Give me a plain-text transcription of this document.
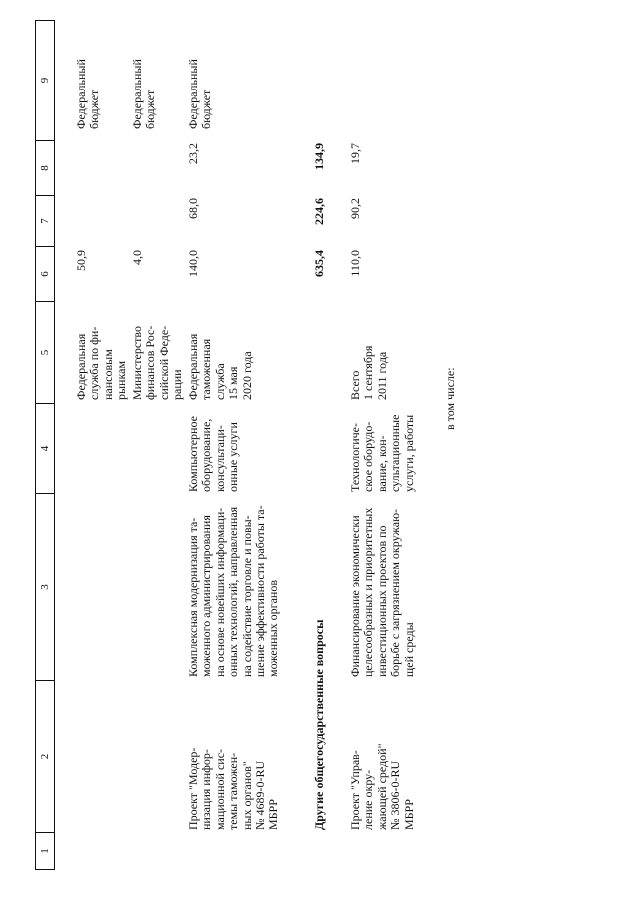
1
2
3
4
5
6
7
8
9
Федеральная служба по фи- нансовым рынкам
50,9
Федеральный бюджет
Министерство финансов Рос- сийской Феде- рации
4,0
Федеральный бюджет
Проект "Модер- низация инфор- мационной сис- темы таможен- ных органов" № 4689-0-RU МБРР
Комплексная модернизация та- моженного администрирования на основе новейших информаци- онных технологий, направленная на содействие торговле и повы- шение эффективности работы та- моженных органов
Компьютерное оборудование, консультаци- онные услуги
Федеральная таможенная служба 15 мая 2020 года
140,0
68,0
23,2
Федеральный бюджет
Другие общегосударственные вопросы
635,4
224,6
134,9
Проект "Управ- ление окру- жающей средой" № 3806-0-RU МБРР
Финансирование экономически целесообразных и приоритетных инвестиционных проектов по борьбе с загрязнением окружаю- щей среды
Технологиче- ское оборудо- вание, кон- сультационные услуги, работы
Всего 1 сентября 2011 года
110,0
90,2
19,7
в том числе:
